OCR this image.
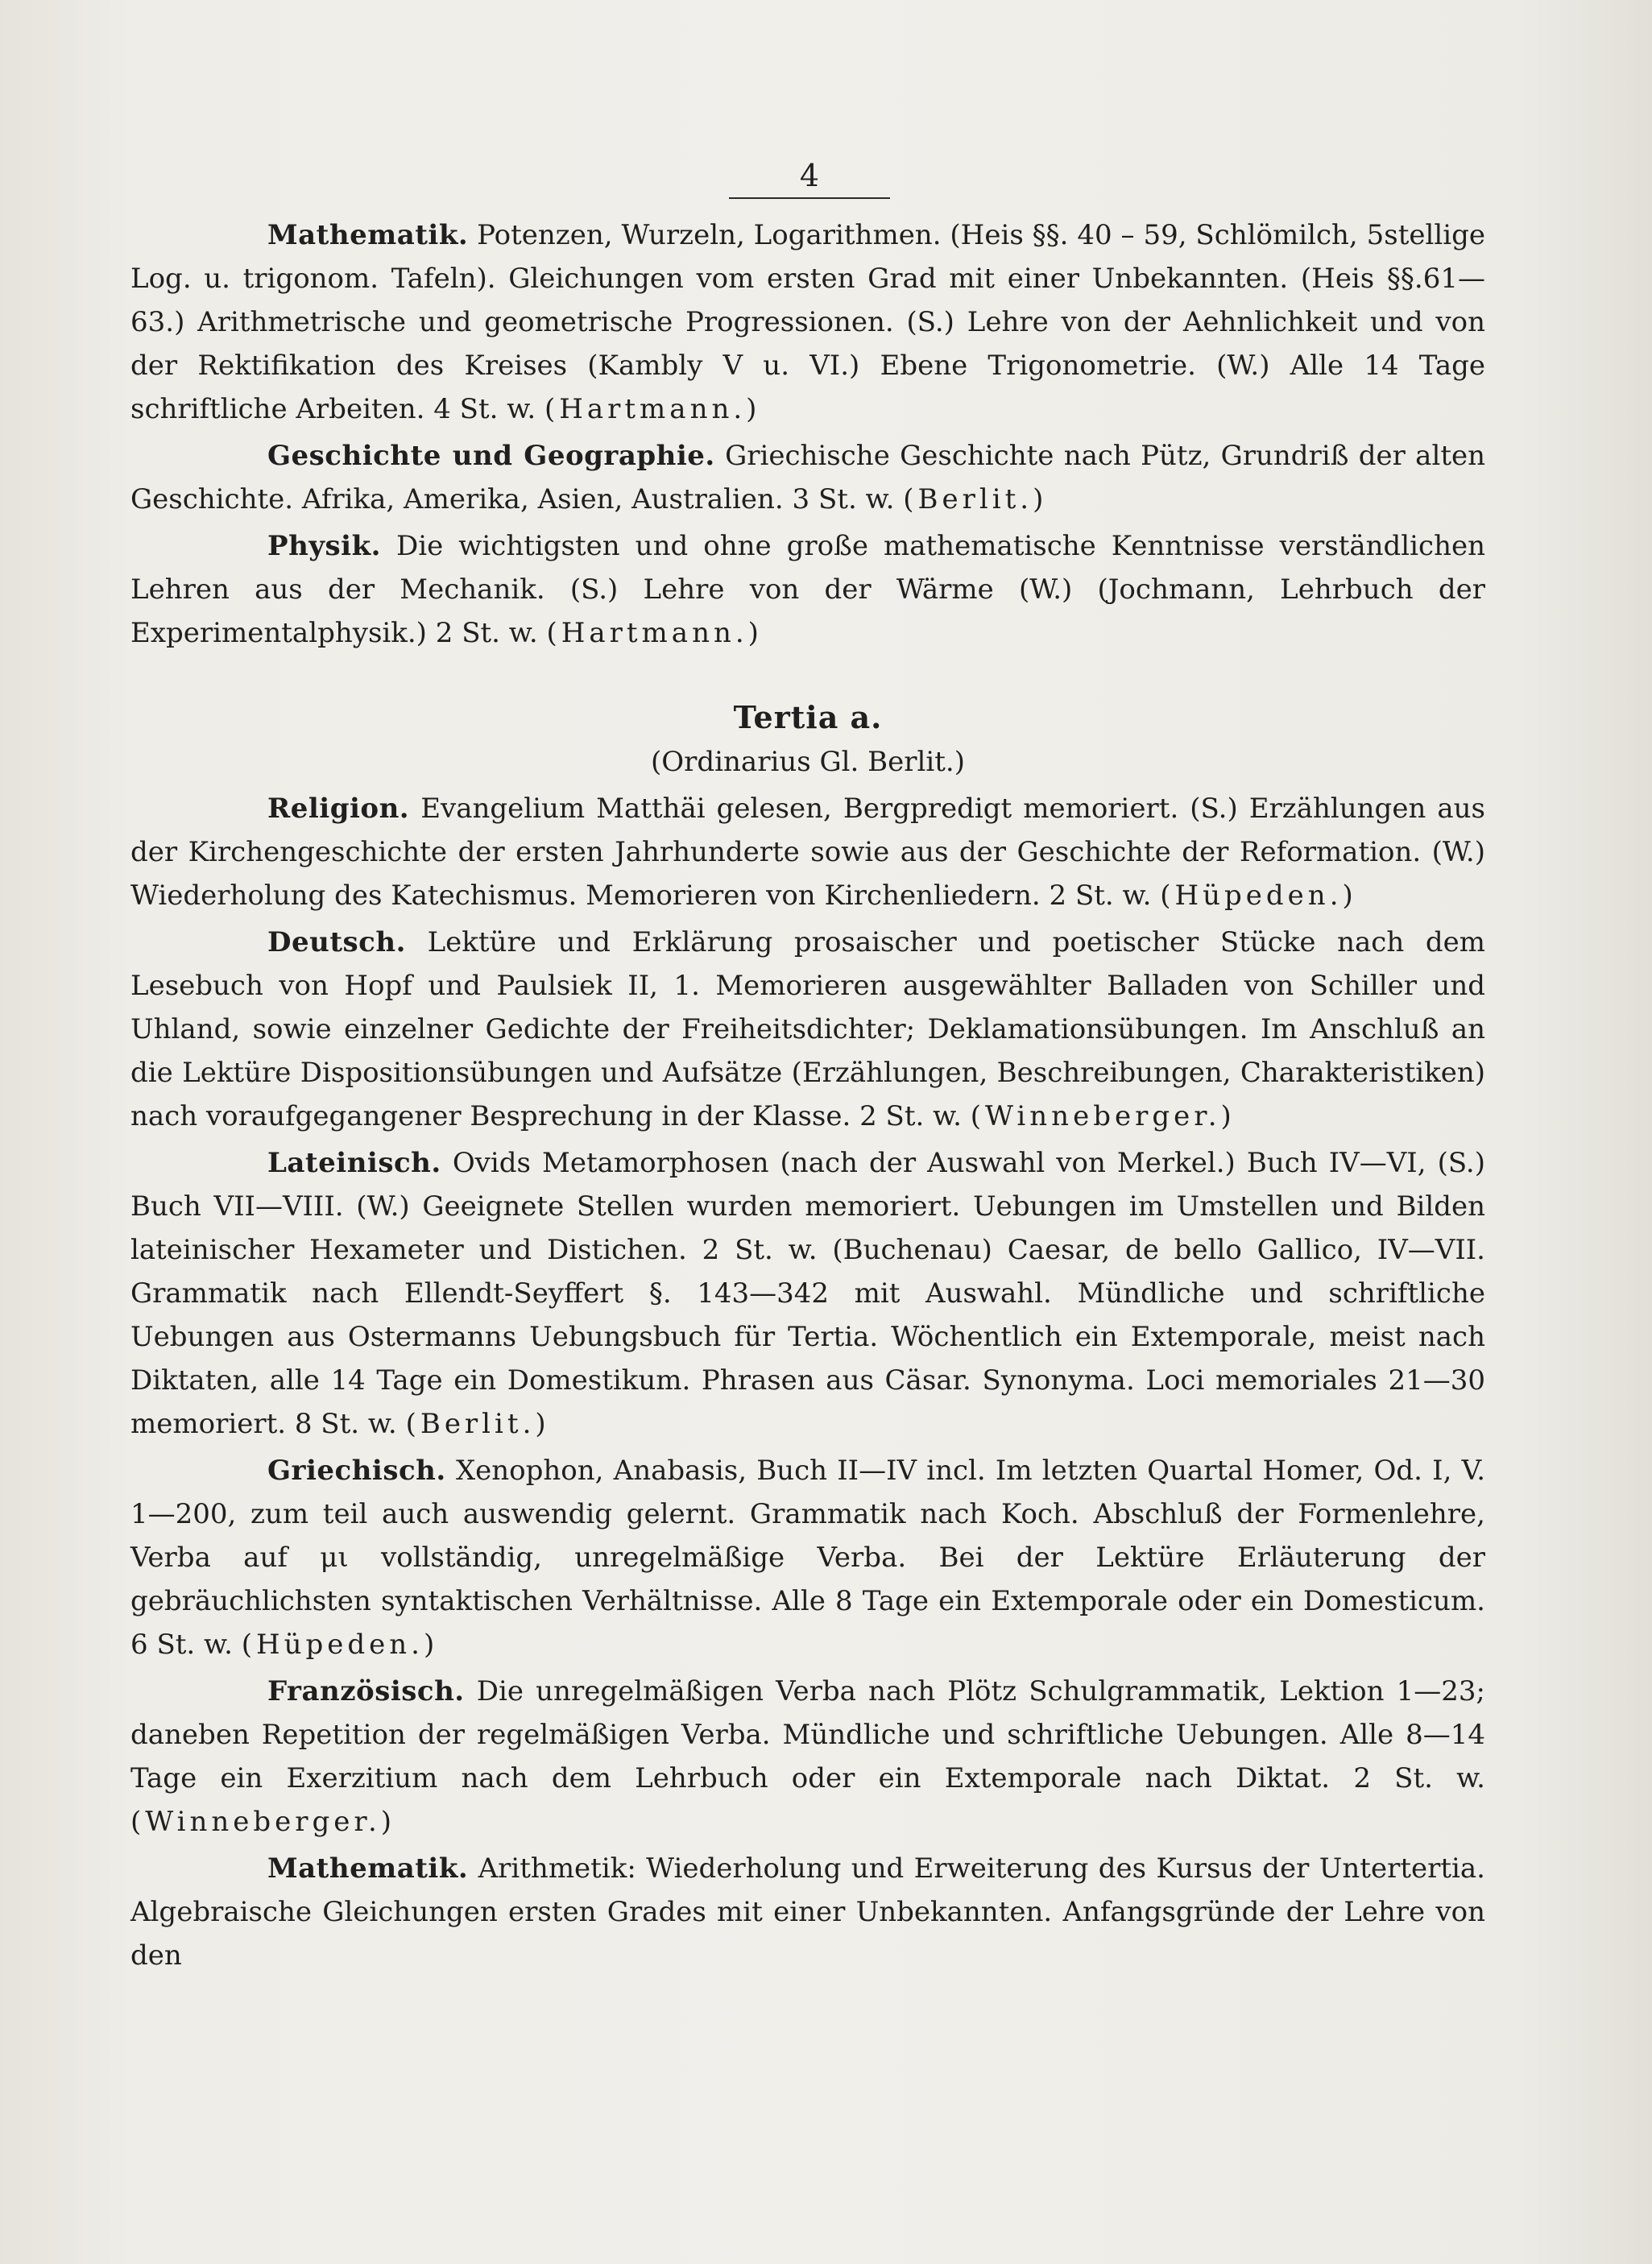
4

Mathematik. Potenzen, Wurzeln, Logarithmen. (Heis §§. 40 – 59, Schlömilch, 5stellige Log. u. trigonom. Tafeln). Gleichungen vom ersten Grad mit einer Unbekannten. (Heis §§.61—63.) Arithmetrische und geometrische Progressionen. (S.) Lehre von der Aehnlichkeit und von der Rektifikation des Kreises (Kambly V u. VI.) Ebene Trigonometrie. (W.) Alle 14 Tage schriftliche Arbeiten. 4 St. w. (Hartmann.)

Geschichte und Geographie. Griechische Geschichte nach Pütz, Grundriß der alten Geschichte. Afrika, Amerika, Asien, Australien. 3 St. w. (Berlit.)

Physik. Die wichtigsten und ohne große mathematische Kenntnisse verständlichen Lehren aus der Mechanik. (S.) Lehre von der Wärme (W.) (Jochmann, Lehrbuch der Experimentalphysik.) 2 St. w. (Hartmann.)

Tertia a.
(Ordinarius Gl. Berlit.)

Religion. Evangelium Matthäi gelesen, Bergpredigt memoriert. (S.) Erzählungen aus der Kirchengeschichte der ersten Jahrhunderte sowie aus der Geschichte der Reformation. (W.) Wiederholung des Katechismus. Memorieren von Kirchenliedern. 2 St. w. (Hüpeden.)

Deutsch. Lektüre und Erklärung prosaischer und poetischer Stücke nach dem Lesebuch von Hopf und Paulsiek II, 1. Memorieren ausgewählter Balladen von Schiller und Uhland, sowie einzelner Gedichte der Freiheitsdichter; Deklamationsübungen. Im Anschluß an die Lektüre Dispositionsübungen und Aufsätze (Erzählungen, Beschreibungen, Charakteristiken) nach voraufgegangener Besprechung in der Klasse. 2 St. w. (Winneberger.)

Lateinisch. Ovids Metamorphosen (nach der Auswahl von Merkel.) Buch IV—VI, (S.) Buch VII—VIII. (W.) Geeignete Stellen wurden memoriert. Uebungen im Umstellen und Bilden lateinischer Hexameter und Distichen. 2 St. w. (Buchenau) Caesar, de bello Gallico, IV—VII. Grammatik nach Ellendt-Seyffert §. 143—342 mit Auswahl. Mündliche und schriftliche Uebungen aus Ostermanns Uebungsbuch für Tertia. Wöchentlich ein Extemporale, meist nach Diktaten, alle 14 Tage ein Domestikum. Phrasen aus Cäsar. Synonyma. Loci memoriales 21—30 memoriert. 8 St. w. (Berlit.)

Griechisch. Xenophon, Anabasis, Buch II—IV incl. Im letzten Quartal Homer, Od. I, V. 1—200, zum teil auch auswendig gelernt. Grammatik nach Koch. Abschluß der Formenlehre, Verba auf μι vollständig, unregelmäßige Verba. Bei der Lektüre Erläuterung der gebräuchlichsten syntaktischen Verhältnisse. Alle 8 Tage ein Extemporale oder ein Domesticum. 6 St. w. (Hüpeden.)

Französisch. Die unregelmäßigen Verba nach Plötz Schulgrammatik, Lektion 1—23; daneben Repetition der regelmäßigen Verba. Mündliche und schriftliche Uebungen. Alle 8—14 Tage ein Exerzitium nach dem Lehrbuch oder ein Extemporale nach Diktat. 2 St. w. (Winneberger.)

Mathematik. Arithmetik: Wiederholung und Erweiterung des Kursus der Untertertia. Algebraische Gleichungen ersten Grades mit einer Unbekannten. Anfangsgründe der Lehre von den
